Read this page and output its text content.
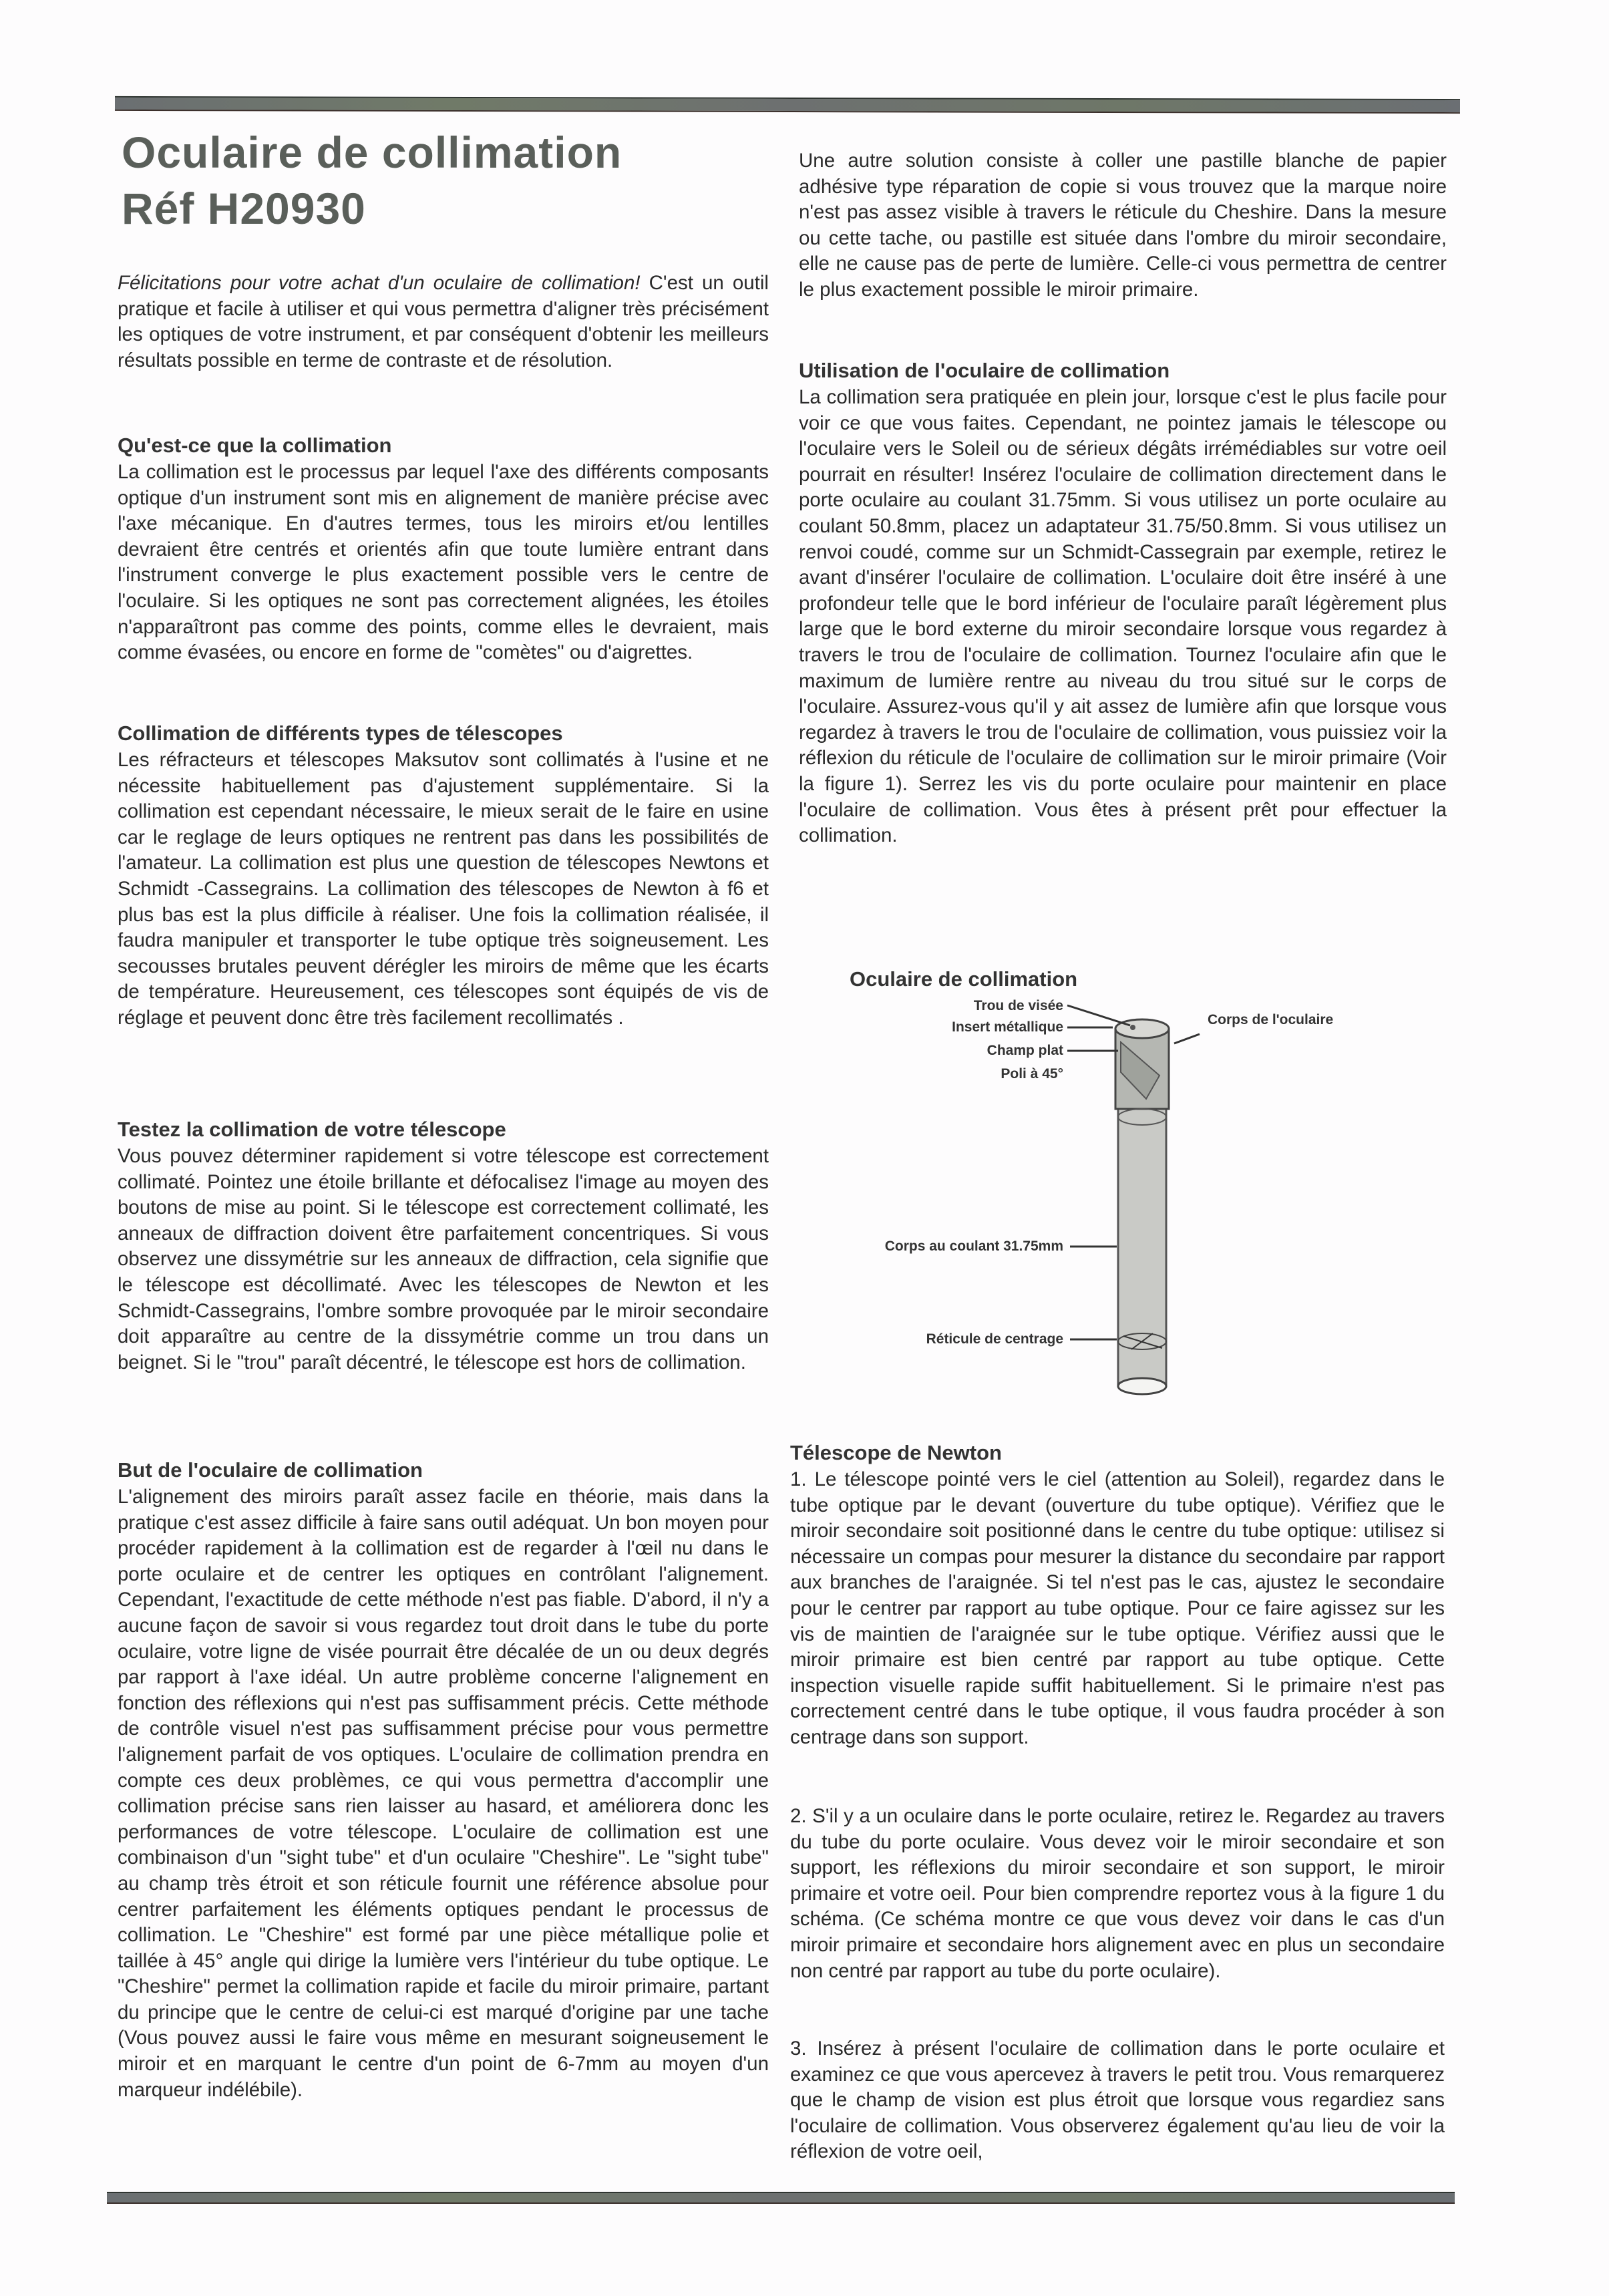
Oculaire de collimation
Réf H20930

Félicitations pour votre achat d'un oculaire de collimation! C'est un outil pratique et facile à utiliser et qui vous permettra d'aligner très précisément les optiques de votre instrument, et par conséquent d'obtenir les meilleurs résultats possible en terme de contraste et de résolution.

Qu'est-ce que la collimation

La collimation est le processus par lequel l'axe des différents composants optique d'un instrument sont mis en alignement de manière précise avec l'axe mécanique. En d'autres termes, tous les miroirs et/ou lentilles devraient être centrés et orientés afin que toute lumière entrant dans l'instrument converge le plus exactement possible vers le centre de l'oculaire. Si les optiques ne sont pas correctement alignées, les étoiles n'apparaîtront pas comme des points, comme elles le devraient, mais comme évasées, ou encore en forme de "comètes" ou d'aigrettes.

Collimation de différents types de télescopes

Les réfracteurs et télescopes Maksutov sont collimatés à l'usine et ne nécessite habituellement pas d'ajustement supplémentaire. Si la collimation est cependant nécessaire, le mieux serait de le faire en usine car le reglage de leurs optiques ne rentrent pas dans les possibilités de l'amateur. La collimation est plus une question de télescopes Newtons et Schmidt -Cassegrains. La collimation des télescopes de Newton à f6 et plus bas est la plus difficile à réaliser. Une fois la collimation réalisée, il faudra manipuler et transporter le tube optique très soigneusement. Les secousses brutales peuvent dérégler les miroirs de même que les écarts de température. Heureusement, ces télescopes sont équipés de vis de réglage et peuvent donc être très facilement recollimatés .

Testez la collimation de votre télescope

Vous pouvez déterminer rapidement si votre télescope est correctement collimaté. Pointez une étoile brillante et défocalisez l'image au moyen des boutons de mise au point. Si le télescope est correctement collimaté, les anneaux de diffraction doivent être parfaitement concentriques. Si vous observez une dissymétrie sur les anneaux de diffraction, cela signifie que le télescope est décollimaté. Avec les télescopes de Newton et les Schmidt-Cassegrains, l'ombre sombre provoquée par le miroir secondaire doit apparaître au centre de la dissymétrie comme un trou dans un beignet. Si le "trou" paraît décentré, le télescope est hors de collimation.

But de l'oculaire de collimation

L'alignement des miroirs paraît assez facile en théorie, mais dans la pratique c'est assez difficile à faire sans outil adéquat. Un bon moyen pour procéder rapidement à la collimation est de regarder à l'œil nu dans le porte oculaire et de centrer les optiques en contrôlant l'alignement. Cependant, l'exactitude de cette méthode n'est pas fiable. D'abord, il n'y a aucune façon de savoir si vous regardez tout droit dans le tube du porte oculaire, votre ligne de visée pourrait être décalée de un ou deux degrés par rapport à l'axe idéal. Un autre problème concerne l'alignement en fonction des réflexions qui n'est pas suffisamment précis. Cette méthode de contrôle visuel n'est pas suffisamment précise pour vous permettre l'alignement parfait de vos optiques. L'oculaire de collimation prendra en compte ces deux problèmes, ce qui vous permettra d'accomplir une collimation précise sans rien laisser au hasard, et améliorera donc les performances de votre télescope. L'oculaire de collimation est une combinaison d'un "sight tube" et d'un oculaire "Cheshire". Le "sight tube" au champ très étroit et son réticule fournit une référence absolue pour centrer parfaitement les éléments optiques pendant le processus de collimation. Le "Cheshire" est formé par une pièce métallique polie et taillée à 45° angle qui dirige la lumière vers l'intérieur du tube optique. Le "Cheshire" permet la collimation rapide et facile du miroir primaire, partant du principe que le centre de celui-ci est marqué d'origine par une tache (Vous pouvez aussi le faire vous même en mesurant soigneusement le miroir et en marquant le centre d'un point de 6-7mm au moyen d'un marqueur indélébile).

Une autre solution consiste à coller une pastille blanche de papier adhésive type réparation de copie si vous trouvez que la marque noire n'est pas assez visible à travers le réticule du Cheshire. Dans la mesure ou cette tache, ou pastille est située dans l'ombre du miroir secondaire, elle ne cause pas de perte de lumière. Celle-ci vous permettra de centrer le plus exactement possible le miroir primaire.

Utilisation de l'oculaire de collimation

La collimation sera pratiquée en plein jour, lorsque c'est le plus facile pour voir ce que vous faites. Cependant, ne pointez jamais le télescope ou l'oculaire vers le Soleil ou de sérieux dégâts irrémédiables sur votre oeil pourrait en résulter! Insérez l'oculaire de collimation directement dans le porte oculaire au coulant 31.75mm. Si vous utilisez un porte oculaire au coulant 50.8mm, placez un adaptateur 31.75/50.8mm. Si vous utilisez un renvoi coudé, comme sur un Schmidt-Cassegrain par exemple, retirez le avant d'insérer l'oculaire de collimation. L'oculaire doit être inséré à une profondeur telle que le bord inférieur de l'oculaire paraît légèrement plus large que le bord externe du miroir secondaire lorsque vous regardez à travers le trou de l'oculaire de collimation. Tournez l'oculaire afin que le maximum de lumière rentre au niveau du trou situé sur le corps de l'oculaire. Assurez-vous qu'il y ait assez de lumière afin que lorsque vous regardez à travers le trou de l'oculaire de collimation, vous puissiez voir la réflexion du réticule de l'oculaire de collimation sur le miroir primaire (Voir la figure 1). Serrez les vis du porte oculaire pour maintenir en place l'oculaire de collimation. Vous êtes à présent prêt pour effectuer la collimation.

Oculaire de collimation
Trou de visée
Insert métallique
Champ plat
Poli à 45°
Corps de l'oculaire
Corps au coulant 31.75mm
Réticule de centrage
Télescope de Newton

1. Le télescope pointé vers le ciel (attention au Soleil), regardez dans le tube optique par le devant (ouverture du tube optique). Vérifiez que le miroir secondaire soit positionné dans le centre du tube optique: utilisez si nécessaire un compas pour mesurer la distance du secondaire par rapport aux branches de l'araignée. Si tel n'est pas le cas, ajustez le secondaire pour le centrer par rapport au tube optique. Pour ce faire agissez sur les vis de maintien de l'araignée sur le tube optique. Vérifiez aussi que le miroir primaire est bien centré par rapport au tube optique. Cette inspection visuelle rapide suffit habituellement. Si le primaire n'est pas correctement centré dans le tube optique, il vous faudra procéder à son centrage dans son support.

2. S'il y a un oculaire dans le porte oculaire, retirez le. Regardez au travers du tube du porte oculaire. Vous devez voir le miroir secondaire et son support, les réflexions du miroir secondaire et son support, le miroir primaire et votre oeil. Pour bien comprendre reportez vous à la figure 1 du schéma. (Ce schéma montre ce que vous devez voir dans le cas d'un miroir primaire et secondaire hors alignement avec en plus un secondaire non centré par rapport au tube du porte oculaire).

3. Insérez à présent l'oculaire de collimation dans le porte oculaire et examinez ce que vous apercevez à travers le petit trou. Vous remarquerez que le champ de vision est plus étroit que lorsque vous regardiez sans l'oculaire de collimation. Vous observerez également qu'au lieu de voir la réflexion de votre oeil,
